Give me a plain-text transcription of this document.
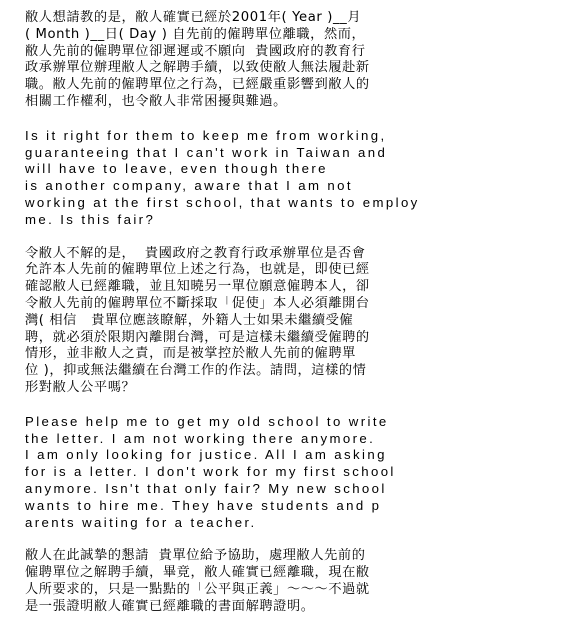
敝人想請教的是，敝人確實已經於2001年( Year )__月
( Month )__日( Day ) 自先前的僱聘單位離職，然而，
敝人先前的僱聘單位卻遲遲或不願向  貴國政府的教育行
政承辦單位辦理敝人之解聘手續，以致使敝人無法履赴新
職。敝人先前的僱聘單位之行為，已經嚴重影響到敝人的
相關工作權利，也令敝人非常困擾與難過。
Is it right for them to keep me from working,
guaranteeing that I can't work in Taiwan and
will have to leave, even though there
is another company, aware that I am not
working at the first school, that wants to employ
me. Is this fair?
令敝人不解的是，  貴國政府之教育行政承辦單位是否會
允許本人先前的僱聘單位上述之行為，也就是，即使已經
確認敝人已經離職，並且知曉另一單位願意僱聘本人，卻
令敝人先前的僱聘單位不斷採取「促使」本人必須離開台
灣( 相信   貴單位應該瞭解，外籍人士如果未繼續受僱
聘，就必須於限期內離開台灣，可是這樣未繼續受僱聘的
情形，並非敝人之責，而是被掌控於敝人先前的僱聘單
位 )，抑或無法繼續在台灣工作的作法。請問，這樣的情
形對敝人公平嗎？
Please help me to get my old school to write
the letter. I am not working there anymore.
I am only looking for justice. All I am asking
for is a letter. I don't work for my first school
anymore. Isn't that only fair? My new school
wants to hire me. They have students and p
arents waiting for a teacher.
敝人在此誠摯的懇請  貴單位給予協助，處理敝人先前的
僱聘單位之解聘手續，畢竟，敝人確實已經離職，現在敝
人所要求的，只是一點點的「公平與正義」～～～不過就
是一張證明敝人確實已經離職的書面解聘證明。
